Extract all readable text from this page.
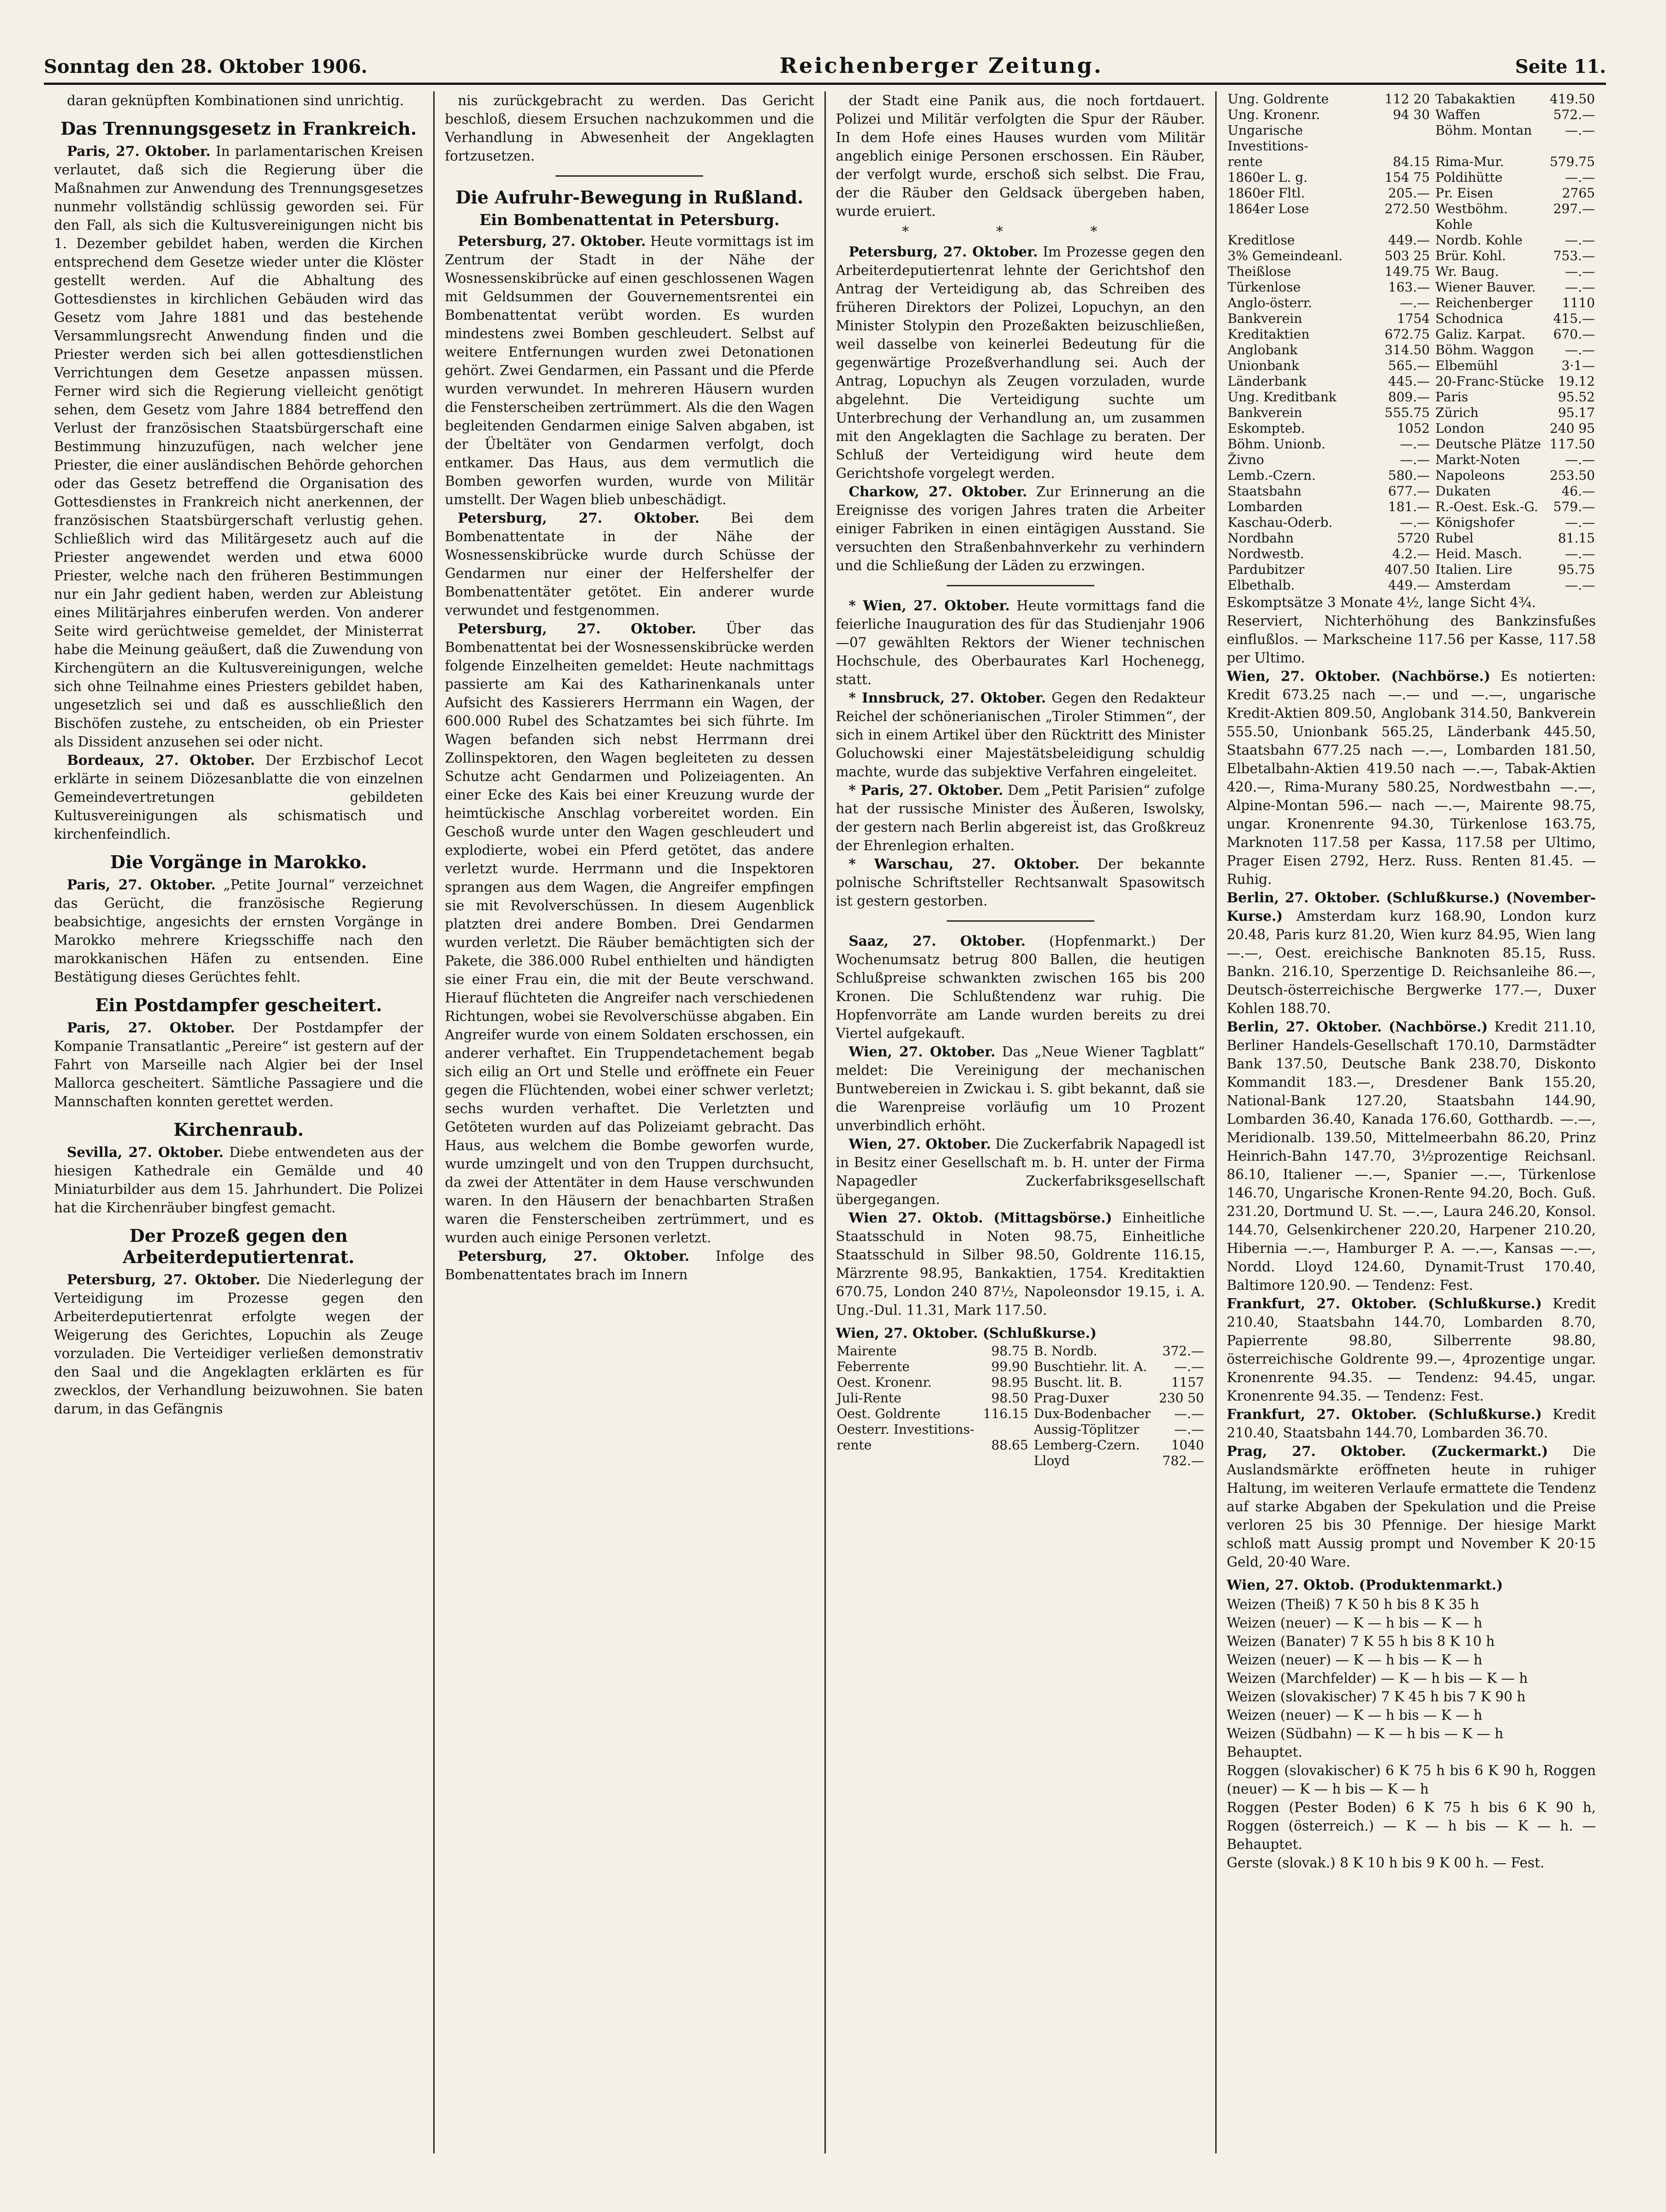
Sonntag den 28. Oktober 1906.	Reichenberger Zeitung.	Seite 11.

daran geknüpften Kombinationen sind unrichtig.

Das Trennungsgesetz in Frankreich.

Paris, 27. Oktober. In parlamentarischen Kreisen verlautet, daß sich die Regierung über die Maßnahmen zur Anwendung des Trennungsgesetzes nunmehr vollständig schlüssig geworden sei. Für den Fall, als sich die Kultusvereinigungen nicht bis 1. Dezember gebildet haben, werden die Kirchen entsprechend dem Gesetze wieder unter die Klöster gestellt werden. Auf die Abhaltung des Gottesdienstes in kirchlichen Gebäuden wird das Gesetz vom Jahre 1881 und das bestehende Versammlungsrecht Anwendung finden und die Priester werden sich bei allen gottesdienstlichen Verrichtungen dem Gesetze anpassen müssen. Ferner wird sich die Regierung vielleicht genötigt sehen, dem Gesetz vom Jahre 1884 betreffend den Verlust der französischen Staatsbürgerschaft eine Bestimmung hinzuzufügen, nach welcher jene Priester, die einer ausländischen Behörde gehorchen oder das Gesetz betreffend die Organisation des Gottesdienstes in Frankreich nicht anerkennen, der französischen Staatsbürgerschaft verlustig gehen. Schließlich wird das Militärgesetz auch auf die Priester angewendet werden und etwa 6000 Priester, welche nach den früheren Bestimmungen nur ein Jahr gedient haben, werden zur Ableistung eines Militärjahres einberufen werden. Von anderer Seite wird gerüchtweise gemeldet, der Ministerrat habe die Meinung geäußert, daß die Zuwendung von Kirchengütern an die Kultusvereinigungen, welche sich ohne Teilnahme eines Priesters gebildet haben, ungesetzlich sei und daß es ausschließlich den Bischöfen zustehe, zu entscheiden, ob ein Priester als Dissident anzusehen sei oder nicht.

Bordeaux, 27. Oktober. Der Erzbischof Lecot erklärte in seinem Diözesanblatte die von einzelnen Gemeindevertretungen gebildeten Kultusvereinigungen als schismatisch und kirchenfeindlich.

Die Vorgänge in Marokko.

Paris, 27. Oktober. „Petite Journal“ verzeichnet das Gerücht, die französische Regierung beabsichtige, angesichts der ernsten Vorgänge in Marokko mehrere Kriegsschiffe nach den marokkanischen Häfen zu entsenden. Eine Bestätigung dieses Gerüchtes fehlt.

Ein Postdampfer gescheitert.

Paris, 27. Oktober. Der Postdampfer der Kompanie Transatlantic „Pereire“ ist gestern auf der Fahrt von Marseille nach Algier bei der Insel Mallorca gescheitert. Sämtliche Passagiere und die Mannschaften konnten gerettet werden.

Kirchenraub.

Sevilla, 27. Oktober. Diebe entwendeten aus der hiesigen Kathedrale ein Gemälde und 40 Miniaturbilder aus dem 15. Jahrhundert. Die Polizei hat die Kirchenräuber bingfest gemacht.

Der Prozeß gegen den Arbeiterdeputiertenrat.

Petersburg, 27. Oktober. Die Niederlegung der Verteidigung im Prozesse gegen den Arbeiterdeputiertenrat erfolgte wegen der Weigerung des Gerichtes, Lopuchin als Zeuge vorzuladen. Die Verteidiger verließen demonstrativ den Saal und die Angeklagten erklärten es für zwecklos, der Verhandlung beizuwohnen. Sie baten darum, in das Gefängnis

nis zurückgebracht zu werden. Das Gericht beschloß, diesem Ersuchen nachzukommen und die Verhandlung in Abwesenheit der Angeklagten fortzusetzen.

Die Aufruhr-Bewegung in Rußland.
Ein Bombenattentat in Petersburg.

Petersburg, 27. Oktober. Heute vormittags ist im Zentrum der Stadt in der Nähe der Wosnessenskibrücke auf einen geschlossenen Wagen mit Geldsummen der Gouvernementsrentei ein Bombenattentat verübt worden. Es wurden mindestens zwei Bomben geschleudert. Selbst auf weitere Entfernungen wurden zwei Detonationen gehört. Zwei Gendarmen, ein Passant und die Pferde wurden verwundet. In mehreren Häusern wurden die Fensterscheiben zertrümmert. Als die den Wagen begleitenden Gendarmen einige Salven abgaben, ist der Übeltäter von Gendarmen verfolgt, doch entkamer. Das Haus, aus dem vermutlich die Bomben geworfen wurden, wurde von Militär umstellt. Der Wagen blieb unbeschädigt.

Petersburg, 27. Oktober. Bei dem Bombenattentate in der Nähe der Wosnessenskibrücke wurde durch Schüsse der Gendarmen nur einer der Helfershelfer der Bombenattentäter getötet. Ein anderer wurde verwundet und festgenommen.

Petersburg, 27. Oktober. Über das Bombenattentat bei der Wosnessenskibrücke werden folgende Einzelheiten gemeldet: Heute nachmittags passierte am Kai des Katharinenkanals unter Aufsicht des Kassierers Herrmann ein Wagen, der 600.000 Rubel des Schatzamtes bei sich führte. Im Wagen befanden sich nebst Herrmann drei Zollinspektoren, den Wagen begleiteten zu dessen Schutze acht Gendarmen und Polizeiagenten. An einer Ecke des Kais bei einer Kreuzung wurde der heimtückische Anschlag vorbereitet worden. Ein Geschoß wurde unter den Wagen geschleudert und explodierte, wobei ein Pferd getötet, das andere verletzt wurde. Herrmann und die Inspektoren sprangen aus dem Wagen, die Angreifer empfingen sie mit Revolverschüssen. In diesem Augenblick platzten drei andere Bomben. Drei Gendarmen wurden verletzt. Die Räuber bemächtigten sich der Pakete, die 386.000 Rubel enthielten und händigten sie einer Frau ein, die mit der Beute verschwand. Hierauf flüchteten die Angreifer nach verschiedenen Richtungen, wobei sie Revolverschüsse abgaben. Ein Angreifer wurde von einem Soldaten erschossen, ein anderer verhaftet. Ein Truppendetachement begab sich eilig an Ort und Stelle und eröffnete ein Feuer gegen die Flüchtenden, wobei einer schwer verletzt; sechs wurden verhaftet. Die Verletzten und Getöteten wurden auf das Polizeiamt gebracht. Das Haus, aus welchem die Bombe geworfen wurde, wurde umzingelt und von den Truppen durchsucht, da zwei der Attentäter in dem Hause verschwunden waren. In den Häusern der benachbarten Straßen waren die Fensterscheiben zertrümmert, und es wurden auch einige Personen verletzt.

Petersburg, 27. Oktober. Infolge des Bombenattentates brach im Innern

der Stadt eine Panik aus, die noch fortdauert. Polizei und Militär verfolgten die Spur der Räuber. In dem Hofe eines Hauses wurden vom Militär angeblich einige Personen erschossen. Ein Räuber, der verfolgt wurde, erschoß sich selbst. Die Frau, der die Räuber den Geldsack übergeben haben, wurde eruiert.

* * *

Petersburg, 27. Oktober. Im Prozesse gegen den Arbeiterdeputiertenrat lehnte der Gerichtshof den Antrag der Verteidigung ab, das Schreiben des früheren Direktors der Polizei, Lopuchyn, an den Minister Stolypin den Prozeßakten beizuschließen, weil dasselbe von keinerlei Bedeutung für die gegenwärtige Prozeßverhandlung sei. Auch der Antrag, Lopuchyn als Zeugen vorzuladen, wurde abgelehnt. Die Verteidigung suchte um Unterbrechung der Verhandlung an, um zusammen mit den Angeklagten die Sachlage zu beraten. Der Schluß der Verteidigung wird heute dem Gerichtshofe vorgelegt werden.

Charkow, 27. Oktober. Zur Erinnerung an die Ereignisse des vorigen Jahres traten die Arbeiter einiger Fabriken in einen eintägigen Ausstand. Sie versuchten den Straßenbahnverkehr zu verhindern und die Schließung der Läden zu erzwingen.

* Wien, 27. Oktober. Heute vormittags fand die feierliche Inauguration des für das Studienjahr 1906—07 gewählten Rektors der Wiener technischen Hochschule, des Oberbaurates Karl Hochenegg, statt.

* Innsbruck, 27. Oktober. Gegen den Redakteur Reichel der schönerianischen „Tiroler Stimmen“, der sich in einem Artikel über den Rücktritt des Minister Goluchowski einer Majestätsbeleidigung schuldig machte, wurde das subjektive Verfahren eingeleitet.

* Paris, 27. Oktober. Dem „Petit Parisien“ zufolge hat der russische Minister des Äußeren, Iswolsky, der gestern nach Berlin abgereist ist, das Großkreuz der Ehrenlegion erhalten.

* Warschau, 27. Oktober. Der bekannte polnische Schriftsteller Rechtsanwalt Spasowitsch ist gestern gestorben.

Saaz, 27. Oktober. (Hopfenmarkt.) Der Wochenumsatz betrug 800 Ballen, die heutigen Schlußpreise schwankten zwischen 165 bis 200 Kronen. Die Schlußtendenz war ruhig. Die Hopfenvorräte am Lande wurden bereits zu drei Viertel aufgekauft.

Wien, 27. Oktober. Das „Neue Wiener Tagblatt“ meldet: Die Vereinigung der mechanischen Buntwebereien in Zwickau i. S. gibt bekannt, daß sie die Warenpreise vorläufig um 10 Prozent unverbindlich erhöht.

Wien, 27. Oktober. Die Zuckerfabrik Napagedl ist in Besitz einer Gesellschaft m. b. H. unter der Firma Napagedler Zuckerfabriksgesellschaft übergegangen.

Wien 27. Oktob. (Mittagsbörse.) Einheitliche Staatsschuld in Noten 98.75, Einheitliche Staatsschuld in Silber 98.50, Goldrente 116.15, Märzrente 98.95, Bankaktien, 1754. Kreditaktien 670.75, London 240 87½, Napoleonsdor 19.15, i. A. Ung.-Dul. 11.31, Mark 117.50.

Wien, 27. Oktober. (Schlußkurse.)
Mairente	98.75	B. Nordb.	372.—
Feberrente	99.90	Buschtiehr. lit. A.	—.—
Oest. Kronenr.	98.95	Buscht. lit. B.	1157
Juli-Rente	98.50	Prag-Duxer	230 50
Oest. Goldrente	116.15	Dux-Bodenbacher	—.—
Oesterr. Investitions-		Aussig-Töplitzer	—.—
rente	88.65	Lemberg-Czern.	1040
		Lloyd	782.—
Ung. Goldrente	112 20	Tabakaktien	419.50
Ung. Kronenr.	94 30	Waffen	572.—
Ungarische Investitions-		Böhm. Montan	—.—
rente	84.15	Rima-Mur.	579.75
1860er L. g.	154 75	Poldihütte	—.—
1860er Fltl.	205.—	Pr. Eisen	2765
1864er Lose	272.50	Westböhm. Kohle	297.—
Kreditlose	449.—	Nordb. Kohle	—.—
3% Gemeindeanl.	503 25	Brür. Kohl.	753.—
Theißlose	149.75	Wr. Baug.	—.—
Türkenlose	163.—	Wiener Bauver.	—.—
Anglo-österr.	—.—	Reichenberger	1110
Bankverein	1754	Schodnica	415.—
Kreditaktien	672.75	Galiz. Karpat.	670.—
Anglobank	314.50	Böhm. Waggon	—.—
Unionbank	565.—	Elbemühl	3·1—
Länderbank	445.—	20-Franc-Stücke	19.12
Ung. Kreditbank	809.—	Paris	95.52
Bankverein	555.75	Zürich	95.17
Eskompteb.	1052	London	240 95
Böhm. Unionb.	—.—	Deutsche Plätze	117.50
Živno	—.—	Markt-Noten	—.—
Lemb.-Czern.	580.—	Napoleons	253.50
Staatsbahn	677.—	Dukaten	46.—
Lombarden	181.—	R.-Oest. Esk.-G.	579.—
Kaschau-Oderb.	—.—	Königshofer	—.—
Nordbahn	5720	Rubel	81.15
Nordwestb.	4.2.—	Heid. Masch.	—.—
Pardubitzer	407.50	Italien. Lire	95.75
Elbethalb.	449.—	Amsterdam	—.—

Eskomptsätze 3 Monate 4½, lange Sicht 4¾.

Reserviert, Nichterhöhung des Bankzinsfußes einflußlos. — Markscheine 117.56 per Kasse, 117.58 per Ultimo.

Wien, 27. Oktober. (Nachbörse.) Es notierten: Kredit 673.25 nach —.— und —.—, ungarische Kredit-Aktien 809.50, Anglobank 314.50, Bankverein 555.50, Unionbank 565.25, Länderbank 445.50, Staatsbahn 677.25 nach —.—, Lombarden 181.50, Elbetalbahn-Aktien 419.50 nach —.—, Tabak-Aktien 420.—, Rima-Murany 580.25, Nordwestbahn —.—, Alpine-Montan 596.— nach —.—, Mairente 98.75, ungar. Kronenrente 94.30, Türkenlose 163.75, Marknoten 117.58 per Kassa, 117.58 per Ultimo, Prager Eisen 2792, Herz. Russ. Renten 81.45. — Ruhig.

Berlin, 27. Oktober. (Schlußkurse.) (November-Kurse.) Amsterdam kurz 168.90, London kurz 20.48, Paris kurz 81.20, Wien kurz 84.95, Wien lang —.—, Oest. ereichische Banknoten 85.15, Russ. Bankn. 216.10, Sperzentige D. Reichsanleihe 86.—, Deutsch-österreichische Bergwerke 177.—, Duxer Kohlen 188.70.

Berlin, 27. Oktober. (Nachbörse.) Kredit 211.10, Berliner Handels-Gesellschaft 170.10, Darmstädter Bank 137.50, Deutsche Bank 238.70, Diskonto Kommandit 183.—, Dresdener Bank 155.20, National-Bank 127.20, Staatsbahn 144.90, Lombarden 36.40, Kanada 176.60, Gotthardb. —.—, Meridionalb. 139.50, Mittelmeerbahn 86.20, Prinz Heinrich-Bahn 147.70, 3½prozentige Reichsanl. 86.10, Italiener —.—, Spanier —.—, Türkenlose 146.70, Ungarische Kronen-Rente 94.20, Boch. Guß. 231.20, Dortmund U. St. —.—, Laura 246.20, Konsol. 144.70, Gelsenkirchener 220.20, Harpener 210.20, Hibernia —.—, Hamburger P. A. —.—, Kansas —.—, Nordd. Lloyd 124.60, Dynamit-Trust 170.40, Baltimore 120.90. — Tendenz: Fest.

Frankfurt, 27. Oktober. (Schlußkurse.) Kredit 210.40, Staatsbahn 144.70, Lombarden 8.70, Papierrente 98.80, Silberrente 98.80, österreichische Goldrente 99.—, 4prozentige ungar. Kronenrente 94.35. — Tendenz: 94.45, ungar. Kronenrente 94.35. — Tendenz: Fest.

Frankfurt, 27. Oktober. (Schlußkurse.) Kredit 210.40, Staatsbahn 144.70, Lombarden 36.70.

Prag, 27. Oktober. (Zuckermarkt.) Die Auslandsmärkte eröffneten heute in ruhiger Haltung, im weiteren Verlaufe ermattete die Tendenz auf starke Abgaben der Spekulation und die Preise verloren 25 bis 30 Pfennige. Der hiesige Markt schloß matt Aussig prompt und November K 20·15 Geld, 20·40 Ware.

Wien, 27. Oktob. (Produktenmarkt.)
Weizen (Theiß) 7 K 50 h bis 8 K 35 h
Weizen (neuer) — K — h bis — K — h
Weizen (Banater) 7 K 55 h bis 8 K 10 h
Weizen (neuer) — K — h bis — K — h
Weizen (Marchfelder) — K — h bis — K — h
Weizen (slovakischer) 7 K 45 h bis 7 K 90 h
Weizen (neuer) — K — h bis — K — h
Weizen (Südbahn) — K — h bis — K — h
Behauptet.
Roggen (slovakischer) 6 K 75 h bis 6 K 90 h, Roggen (neuer) — K — h bis — K — h
Roggen (Pester Boden) 6 K 75 h bis 6 K 90 h, Roggen (österreich.) — K — h bis — K — h. — Behauptet.
Gerste (slovak.) 8 K 10 h bis 9 K 00 h. — Fest.
